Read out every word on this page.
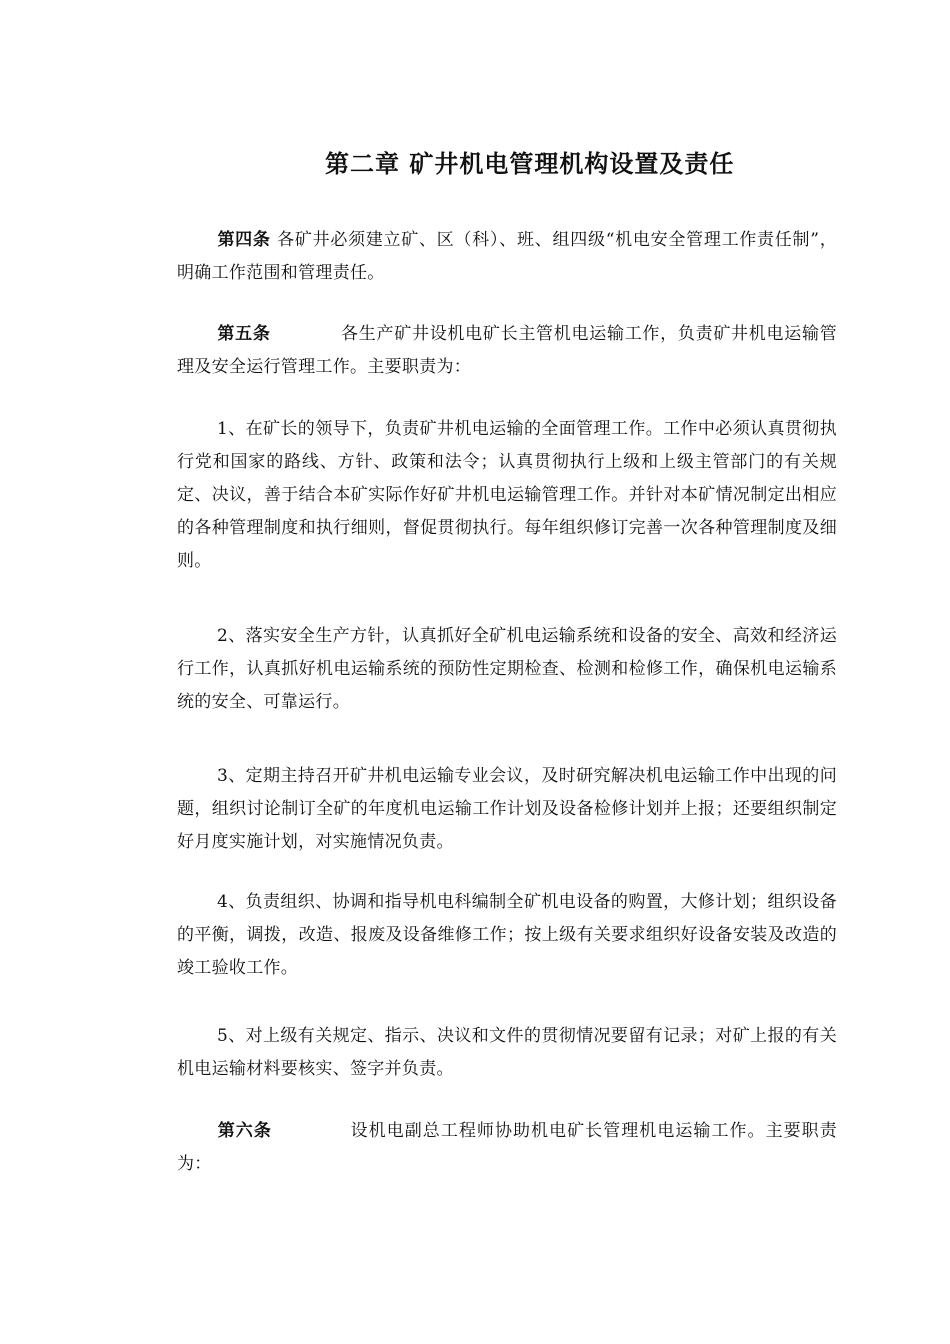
第二章 矿井机电管理机构设置及责任
第四条 各矿井必须建立矿、区（科）、班、组四级“机电安全管理工作责任制”，明确工作范围和管理责任。
第五条	各生产矿井设机电矿长主管机电运输工作，负责矿井机电运输管理及安全运行管理工作。主要职责为：
1、在矿长的领导下，负责矿井机电运输的全面管理工作。工作中必须认真贯彻执行党和国家的路线、方针、政策和法令；认真贯彻执行上级和上级主管部门的有关规定、决议，善于结合本矿实际作好矿井机电运输管理工作。并针对本矿情况制定出相应的各种管理制度和执行细则，督促贯彻执行。每年组织修订完善一次各种管理制度及细则。
2、落实安全生产方针，认真抓好全矿机电运输系统和设备的安全、高效和经济运行工作，认真抓好机电运输系统的预防性定期检查、检测和检修工作，确保机电运输系统的安全、可靠运行。
3、定期主持召开矿井机电运输专业会议，及时研究解决机电运输工作中出现的问题，组织讨论制订全矿的年度机电运输工作计划及设备检修计划并上报；还要组织制定好月度实施计划，对实施情况负责。
4、负责组织、协调和指导机电科编制全矿机电设备的购置，大修计划；组织设备的平衡，调拨，改造、报废及设备维修工作；按上级有关要求组织好设备安装及改造的竣工验收工作。
5、对上级有关规定、指示、决议和文件的贯彻情况要留有记录；对矿上报的有关机电运输材料要核实、签字并负责。
第六条	设机电副总工程师协助机电矿长管理机电运输工作。主要职责为：
